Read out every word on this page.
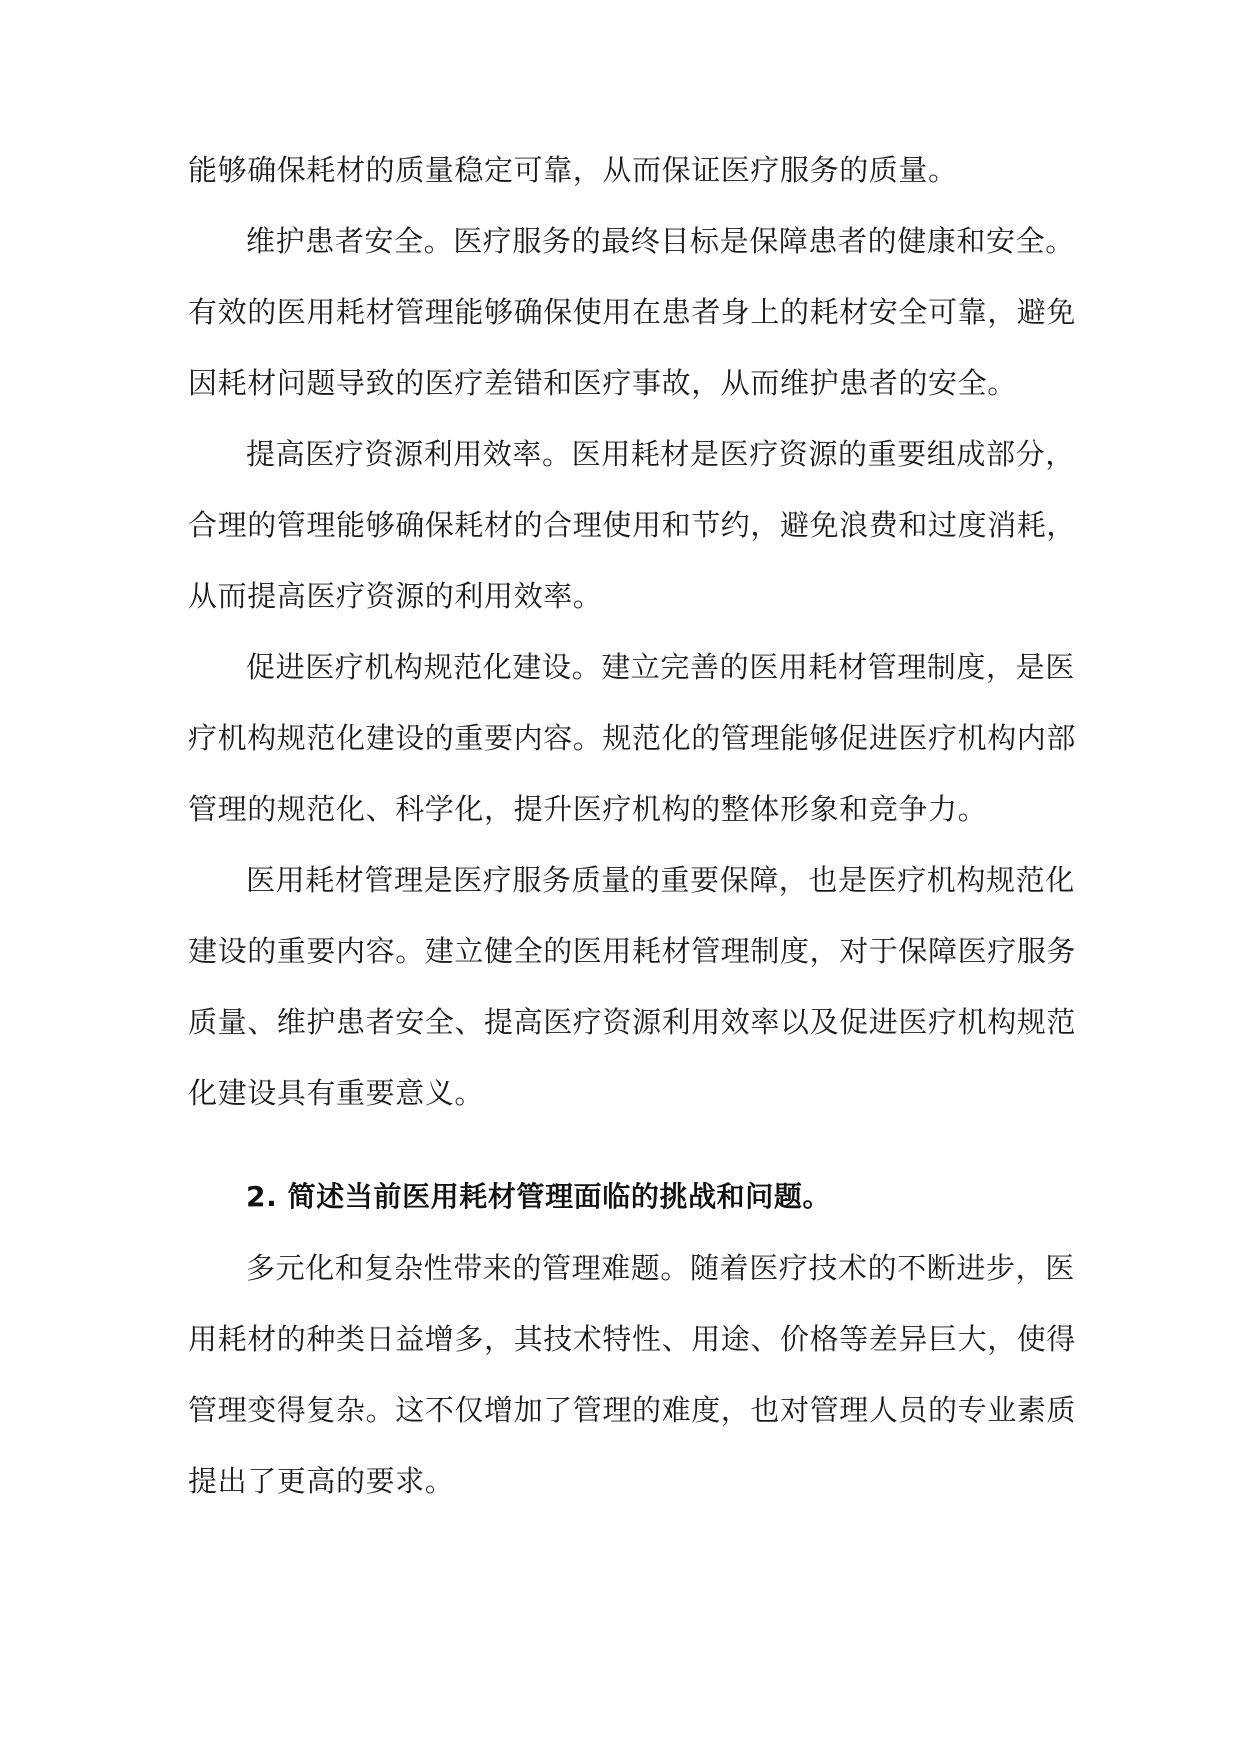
能够确保耗材的质量稳定可靠，从而保证医疗服务的质量。
维护患者安全。医疗服务的最终目标是保障患者的健康和安全。
有效的医用耗材管理能够确保使用在患者身上的耗材安全可靠，避免
因耗材问题导致的医疗差错和医疗事故，从而维护患者的安全。
提高医疗资源利用效率。医用耗材是医疗资源的重要组成部分，
合理的管理能够确保耗材的合理使用和节约，避免浪费和过度消耗，
从而提高医疗资源的利用效率。
促进医疗机构规范化建设。建立完善的医用耗材管理制度，是医
疗机构规范化建设的重要内容。规范化的管理能够促进医疗机构内部
管理的规范化、科学化，提升医疗机构的整体形象和竞争力。
医用耗材管理是医疗服务质量的重要保障，也是医疗机构规范化
建设的重要内容。建立健全的医用耗材管理制度，对于保障医疗服务
质量、维护患者安全、提高医疗资源利用效率以及促进医疗机构规范
化建设具有重要意义。
2. 简述当前医用耗材管理面临的挑战和问题。
多元化和复杂性带来的管理难题。随着医疗技术的不断进步，医
用耗材的种类日益增多，其技术特性、用途、价格等差异巨大，使得
管理变得复杂。这不仅增加了管理的难度，也对管理人员的专业素质
提出了更高的要求。
